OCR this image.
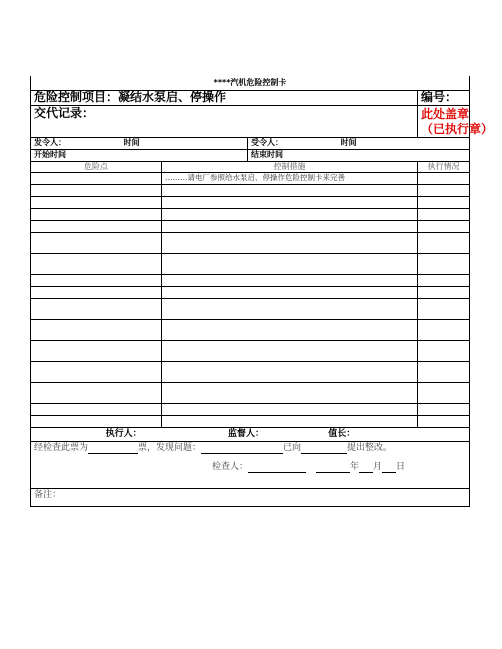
****汽机危险控制卡			
危险控制项目：凝结水泵启、停操作			编号：
交代记录：			此处盖章
（已执行章）

发令人： 时间		受令人： 时间	
开始时间		结束时间	
危险点	控制措施		执行情况
	………请电厂参照给水泵启、停操作危险控制卡来完善		

执行人： 监督人： 值长：			

经检查此票为 票，发现问题： 已向 提出整改。
检查人： 年 月 日			

备注：			
